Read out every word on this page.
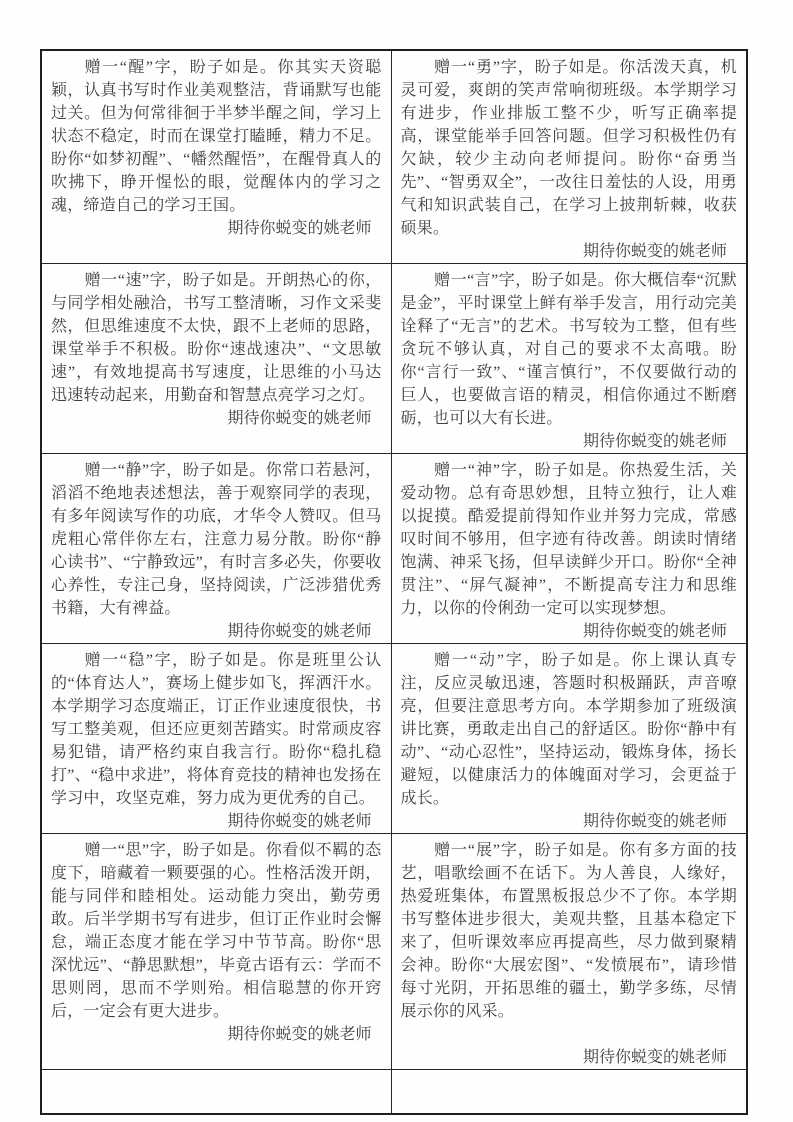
赠一“醒”字，盼子如是。你其实天资聪颖，认真书写时作业美观整洁，背诵默写也能过关。但为何常徘徊于半梦半醒之间，学习上状态不稳定，时而在课堂打瞌睡，精力不足。盼你“如梦初醒”、“幡然醒悟”，在醒骨真人的吹拂下，睁开惺忪的眼，觉醒体内的学习之魂，缔造自己的学习王国。
期待你蜕变的姚老师

赠一“勇”字，盼子如是。你活泼天真，机灵可爱，爽朗的笑声常响彻班级。本学期学习有进步，作业排版工整不少，听写正确率提高，课堂能举手回答问题。但学习积极性仍有欠缺，较少主动向老师提问。盼你“奋勇当先”、“智勇双全”，一改往日羞怯的人设，用勇气和知识武装自己，在学习上披荆斩棘，收获硕果。
期待你蜕变的姚老师

赠一“速”字，盼子如是。开朗热心的你，与同学相处融洽，书写工整清晰，习作文采斐然，但思维速度不太快，跟不上老师的思路，课堂举手不积极。盼你“速战速决”、“文思敏速”，有效地提高书写速度，让思维的小马达迅速转动起来，用勤奋和智慧点亮学习之灯。
期待你蜕变的姚老师

赠一“言”字，盼子如是。你大概信奉“沉默是金”，平时课堂上鲜有举手发言，用行动完美诠释了“无言”的艺术。书写较为工整，但有些贪玩不够认真，对自己的要求不太高哦。盼你“言行一致”、“谨言慎行”，不仅要做行动的巨人，也要做言语的精灵，相信你通过不断磨砺，也可以大有长进。
期待你蜕变的姚老师

赠一“静”字，盼子如是。你常口若悬河，滔滔不绝地表述想法，善于观察同学的表现，有多年阅读写作的功底，才华令人赞叹。但马虎粗心常伴你左右，注意力易分散。盼你“静心读书”、“宁静致远”，有时言多必失，你要收心养性，专注己身，坚持阅读，广泛涉猎优秀书籍，大有禆益。
期待你蜕变的姚老师

赠一“神”字，盼子如是。你热爱生活，关爱动物。总有奇思妙想，且特立独行，让人难以捉摸。酷爱提前得知作业并努力完成，常感叹时间不够用，但字迹有待改善。朗读时情绪饱满、神采飞扬，但早读鲜少开口。盼你“全神贯注”、“屏气凝神”，不断提高专注力和思维力，以你的伶俐劲一定可以实现梦想。
期待你蜕变的姚老师

赠一“稳”字，盼子如是。你是班里公认的“体育达人”，赛场上健步如飞，挥洒汗水。本学期学习态度端正，订正作业速度很快，书写工整美观，但还应更刻苦踏实。时常顽皮容易犯错，请严格约束自我言行。盼你“稳扎稳打”、“稳中求进”，将体育竞技的精神也发扬在学习中，攻坚克难，努力成为更优秀的自己。
期待你蜕变的姚老师

赠一“动”字，盼子如是。你上课认真专注，反应灵敏迅速，答题时积极踊跃，声音嘹亮，但要注意思考方向。本学期参加了班级演讲比赛，勇敢走出自己的舒适区。盼你“静中有动”、“动心忍性”，坚持运动，锻炼身体，扬长避短，以健康活力的体魄面对学习，会更益于成长。
期待你蜕变的姚老师

赠一“思”字，盼子如是。你看似不羁的态度下，暗藏着一颗要强的心。性格活泼开朗，能与同伴和睦相处。运动能力突出，勤劳勇敢。后半学期书写有进步，但订正作业时会懈怠，端正态度才能在学习中节节高。盼你“思深忧远”、“静思默想”，毕竟古语有云：学而不思则罔，思而不学则殆。相信聪慧的你开窍后，一定会有更大进步。
期待你蜕变的姚老师

赠一“展”字，盼子如是。你有多方面的技艺，唱歌绘画不在话下。为人善良，人缘好，热爱班集体，布置黑板报总少不了你。本学期书写整体进步很大，美观共整，且基本稳定下来了，但听课效率应再提高些，尽力做到聚精会神。盼你“大展宏图”、“发愤展布”，请珍惜每寸光阴，开拓思维的疆土，勤学多练，尽情展示你的风采。
期待你蜕变的姚老师
